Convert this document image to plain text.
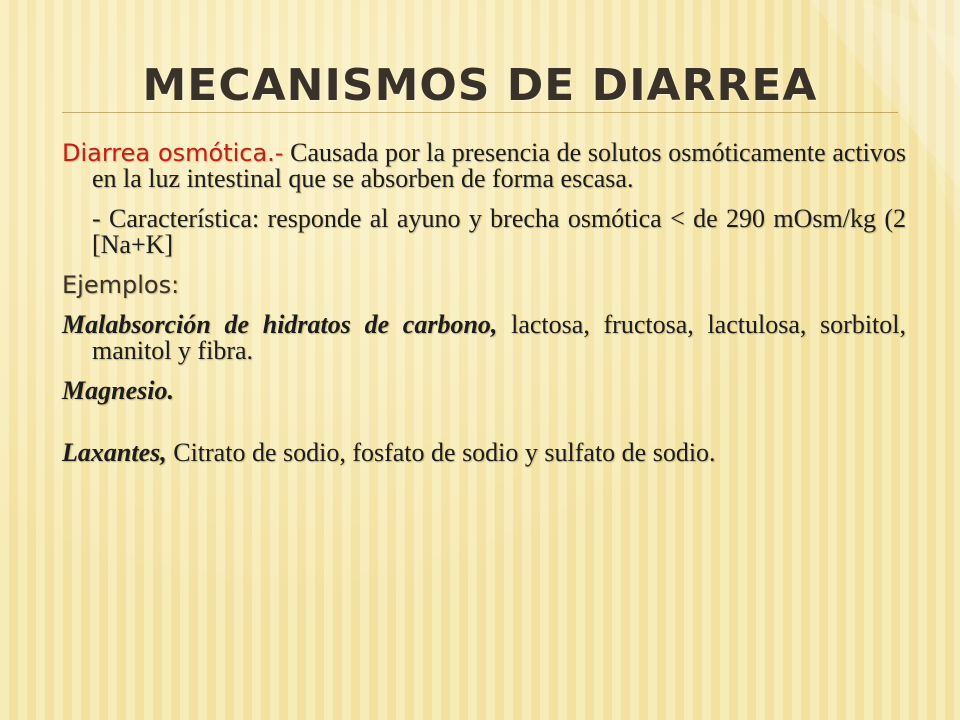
MECANISMOS DE DIARREA

Diarrea osmótica.- Causada por la presencia de solutos osmóticamente activos en la luz intestinal que se absorben de forma escasa.

- Característica: responde al ayuno y brecha osmótica < de 290 mOsm/kg (2 [Na+K]

Ejemplos:

Malabsorción de hidratos de carbono, lactosa, fructosa, lactulosa, sorbitol, manitol y fibra.

Magnesio.

Laxantes, Citrato de sodio, fosfato de sodio y sulfato de sodio.
